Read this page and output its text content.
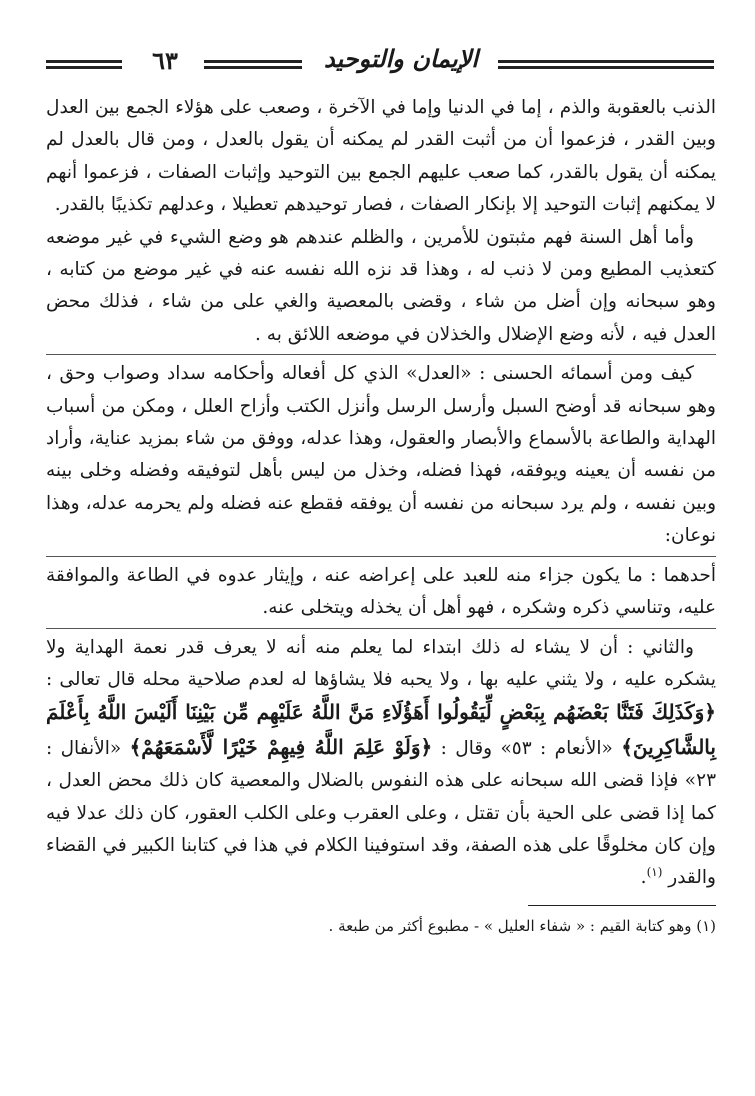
٦٣	الإيمان والتوحيد

الذنب بالعقوبة والذم ، إما في الدنيا وإما في الآخرة ، وصعب على هؤلاء الجمع بين العدل وبين القدر ، فزعموا أن من أثبت القدر لم يمكنه أن يقول بالعدل ، ومن قال بالعدل لم يمكنه أن يقول بالقدر، كما صعب عليهم الجمع بين التوحيد وإثبات الصفات ، فزعموا أنهم لا يمكنهم إثبات التوحيد إلا بإنكار الصفات ، فصار توحيدهم تعطيلا ، وعدلهم تكذيبًا بالقدر.

وأما أهل السنة فهم مثبتون للأمرين ، والظلم عندهم هو وضع الشيء في غير موضعه كتعذيب المطيع ومن لا ذنب له ، وهذا قد نزه الله نفسه عنه في غير موضع من كتابه ، وهو سبحانه وإن أضل من شاء ، وقضى بالمعصية والغي على من شاء ، فذلك محض العدل فيه ، لأنه وضع الإضلال والخذلان في موضعه اللائق به .

كيف ومن أسمائه الحسنى : «العدل» الذي كل أفعاله وأحكامه سداد وصواب وحق ، وهو سبحانه قد أوضح السبل وأرسل الرسل وأنزل الكتب وأزاح العلل ، ومكن من أسباب الهداية والطاعة بالأسماع والأبصار والعقول، وهذا عدله، ووفق من شاء بمزيد عناية، وأراد من نفسه أن يعينه ويوفقه، فهذا فضله، وخذل من ليس بأهل لتوفيقه وفضله وخلى بينه وبين نفسه ، ولم يرد سبحانه من نفسه أن يوفقه فقطع عنه فضله ولم يحرمه عدله، وهذا نوعان:

أحدهما : ما يكون جزاء منه للعبد على إعراضه عنه ، وإيثار عدوه في الطاعة والموافقة عليه، وتناسي ذكره وشكره ، فهو أهل أن يخذله ويتخلى عنه.

والثاني : أن لا يشاء له ذلك ابتداء لما يعلم منه أنه لا يعرف قدر نعمة الهداية ولا يشكره عليه ، ولا يثني عليه بها ، ولا يحبه فلا يشاؤها له لعدم صلاحية محله قال تعالى : ﴿وَكَذَلِكَ فَتَنَّا بَعْضَهُم بِبَعْضٍ لِّيَقُولُوا أَهَؤُلَاءِ مَنَّ اللَّهُ عَلَيْهِم مِّن بَيْنِنَا أَلَيْسَ اللَّهُ بِأَعْلَمَ بِالشَّاكِرِينَ﴾ «الأنعام : ٥٣» وقال : ﴿وَلَوْ عَلِمَ اللَّهُ فِيهِمْ خَيْرًا لَّأَسْمَعَهُمْ﴾ «الأنفال : ٢٣» فإذا قضى الله سبحانه على هذه النفوس بالضلال والمعصية كان ذلك محض العدل ، كما إذا قضى على الحية بأن تقتل ، وعلى العقرب وعلى الكلب العقور، كان ذلك عدلا فيه وإن كان مخلوقًا على هذه الصفة، وقد استوفينا الكلام في هذا في كتابنا الكبير في القضاء والقدر $^{(١)}$.

(١) وهو كتابة القيم : « شفاء العليل » - مطبوع أكثر من طبعة .
